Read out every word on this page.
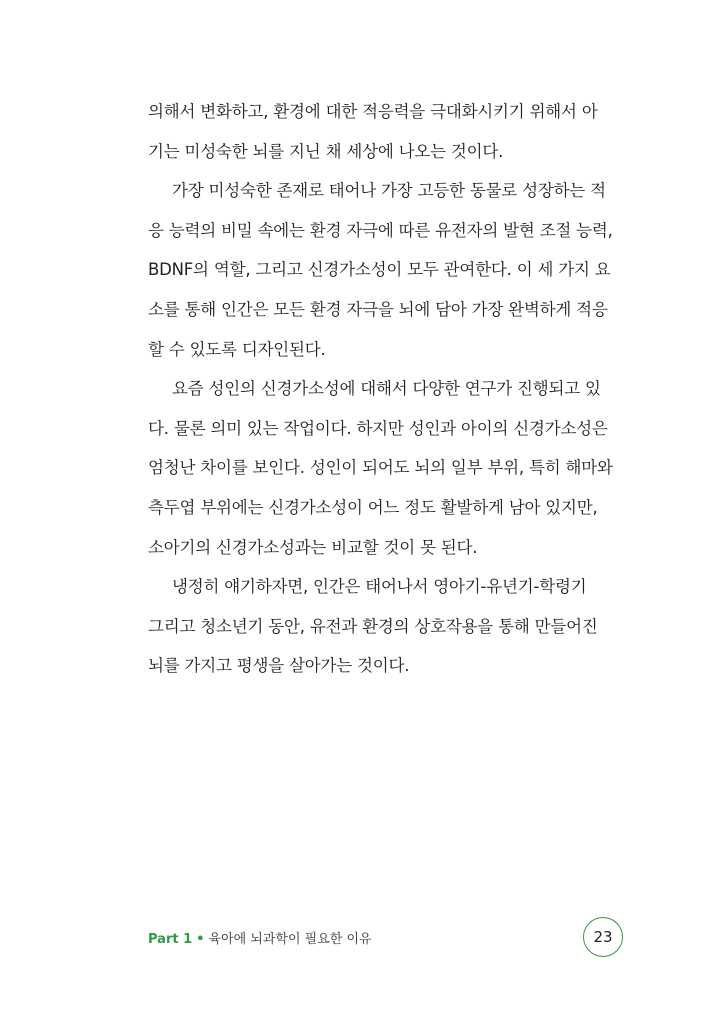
의해서 변화하고, 환경에 대한 적응력을 극대화시키기 위해서 아
기는 미성숙한 뇌를 지닌 채 세상에 나오는 것이다.
가장 미성숙한 존재로 태어나 가장 고등한 동물로 성장하는 적
응 능력의 비밀 속에는 환경 자극에 따른 유전자의 발현 조절 능력,
BDNF의 역할, 그리고 신경가소성이 모두 관여한다. 이 세 가지 요
소를 통해 인간은 모든 환경 자극을 뇌에 담아 가장 완벽하게 적응
할 수 있도록 디자인된다.
요즘 성인의 신경가소성에 대해서 다양한 연구가 진행되고 있
다. 물론 의미 있는 작업이다. 하지만 성인과 아이의 신경가소성은
엄청난 차이를 보인다. 성인이 되어도 뇌의 일부 부위, 특히 해마와
측두엽 부위에는 신경가소성이 어느 정도 활발하게 남아 있지만,
소아기의 신경가소성과는 비교할 것이 못 된다.
냉정히 얘기하자면, 인간은 태어나서 영아기-유년기-학령기
그리고 청소년기 동안, 유전과 환경의 상호작용을 통해 만들어진
뇌를 가지고 평생을 살아가는 것이다.
Part 1 • 육아에 뇌과학이 필요한 이유	23
